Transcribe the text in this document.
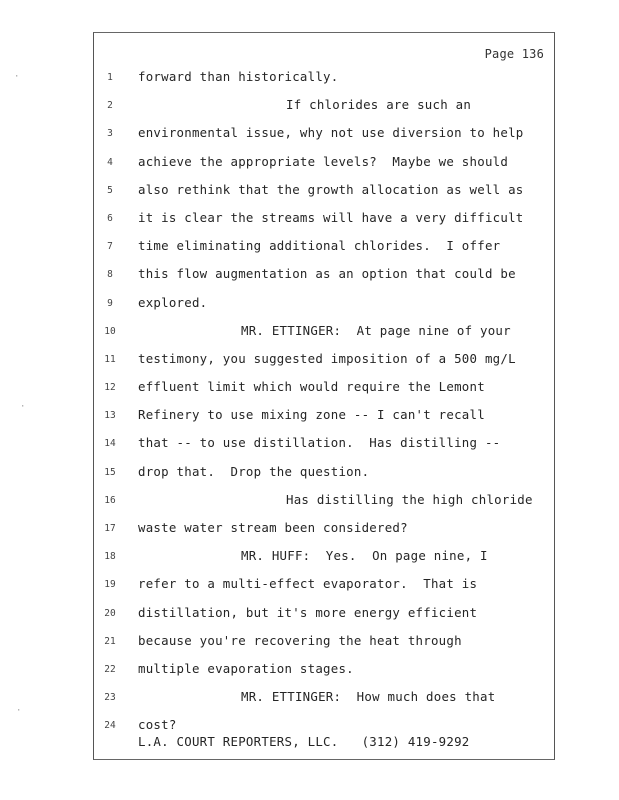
Page 136
1	forward than historically.
2	If chlorides are such an
3	environmental issue, why not use diversion to help
4	achieve the appropriate levels?  Maybe we should
5	also rethink that the growth allocation as well as
6	it is clear the streams will have a very difficult
7	time eliminating additional chlorides.  I offer
8	this flow augmentation as an option that could be
9	explored.
10	MR. ETTINGER:  At page nine of your
11 testimony, you suggested imposition of a 500 mg/L
12 effluent limit which would require the Lemont
13 Refinery to use mixing zone -- I can't recall
14 that -- to use distillation.  Has distilling --
15 drop that.  Drop the question.
16	Has distilling the high chloride
17 waste water stream been considered?
18	MR. HUFF:  Yes.  On page nine, I
19 refer to a multi-effect evaporator.  That is
20 distillation, but it's more energy efficient
21 because you're recovering the heat through
22 multiple evaporation stages.
23	MR. ETTINGER:  How much does that
24 cost?
L.A. COURT REPORTERS, LLC.   (312) 419-9292
·
·
·
